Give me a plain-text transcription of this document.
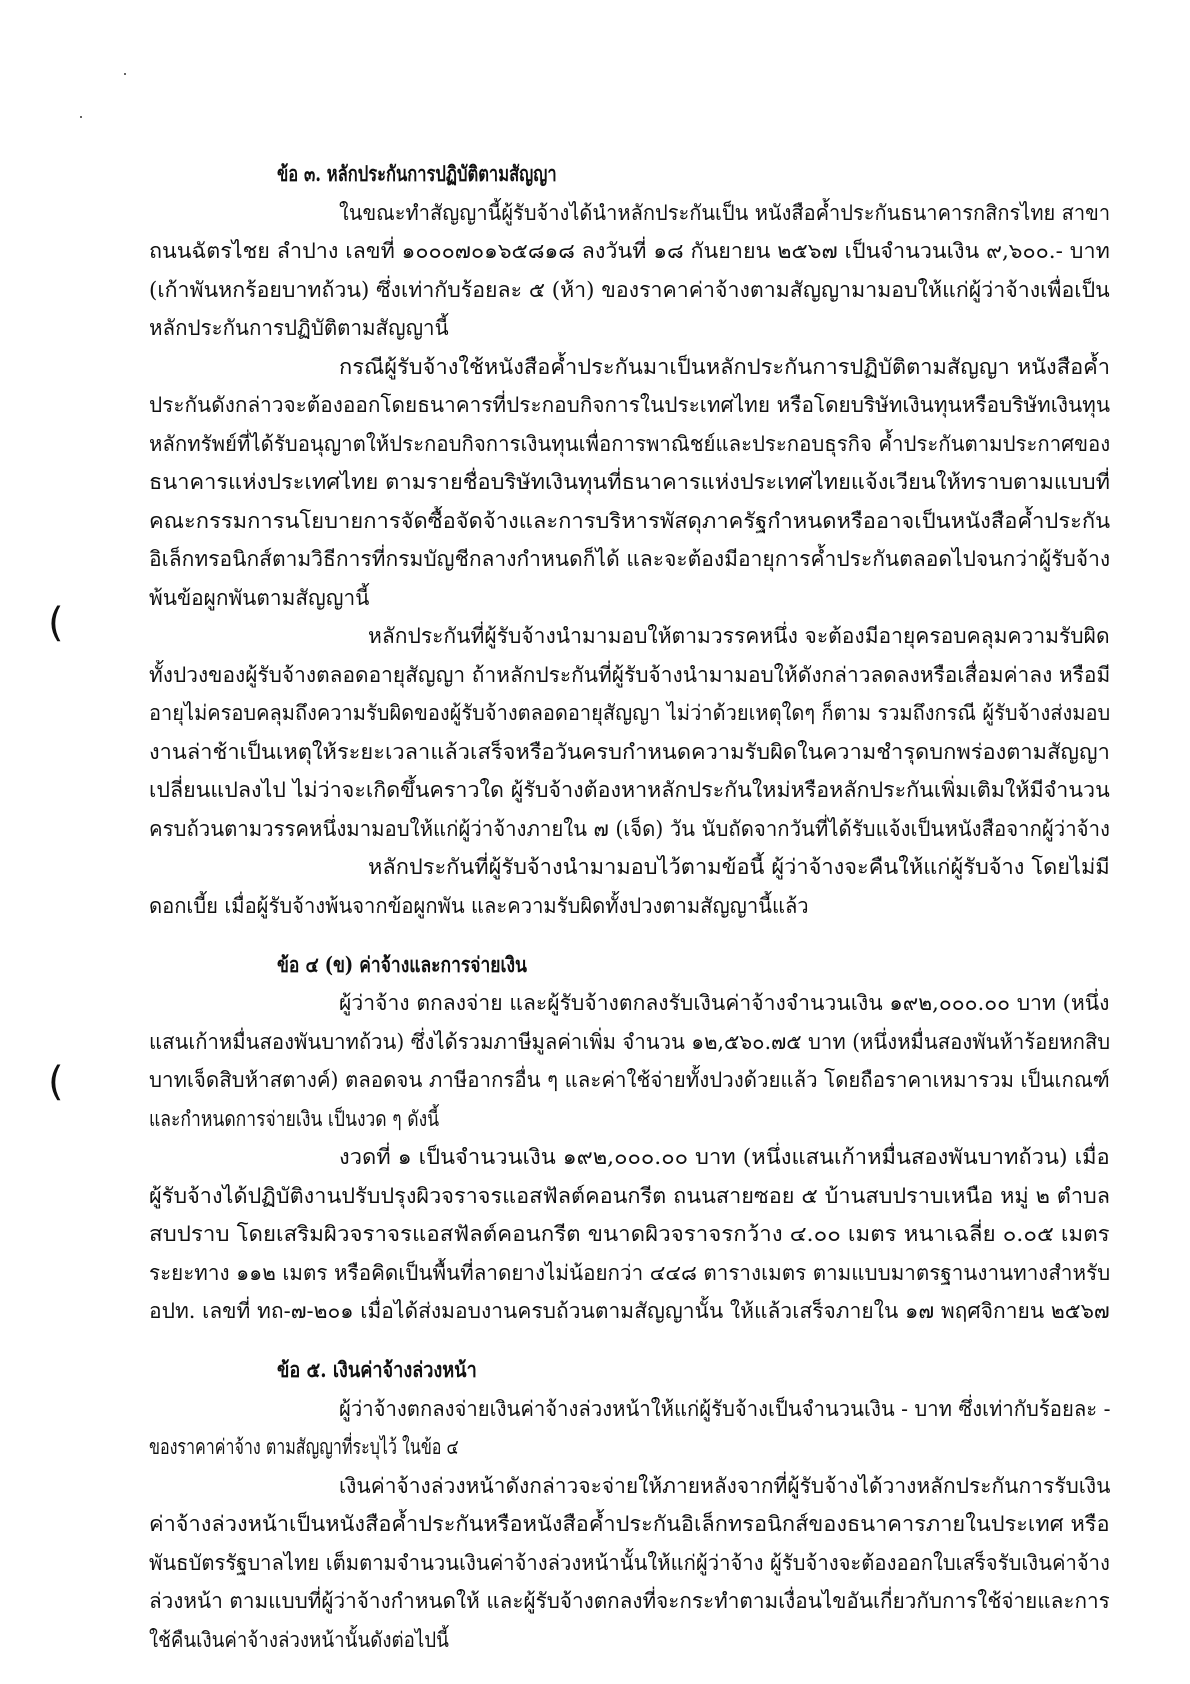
(
(

ข้อ ๓. หลักประกันการปฏิบัติตามสัญญา

ในขณะทำสัญญานี้ผู้รับจ้างได้นำหลักประกันเป็น หนังสือค้ำประกันธนาคารกสิกรไทย สาขา

ถนนฉัตรไชย ลำปาง เลขที่ ๑๐๐๐๗๐๑๖๕๘๑๘ ลงวันที่ ๑๘ กันยายน ๒๕๖๗ เป็นจำนวนเงิน ๙,๖๐๐.- บาท

(เก้าพันหกร้อยบาทถ้วน) ซึ่งเท่ากับร้อยละ ๕ (ห้า) ของราคาค่าจ้างตามสัญญามามอบให้แก่ผู้ว่าจ้างเพื่อเป็น

หลักประกันการปฏิบัติตามสัญญานี้

กรณีผู้รับจ้างใช้หนังสือค้ำประกันมาเป็นหลักประกันการปฏิบัติตามสัญญา หนังสือค้ำ

ประกันดังกล่าวจะต้องออกโดยธนาคารที่ประกอบกิจการในประเทศไทย หรือโดยบริษัทเงินทุนหรือบริษัทเงินทุน

หลักทรัพย์ที่ได้รับอนุญาตให้ประกอบกิจการเงินทุนเพื่อการพาณิชย์และประกอบธุรกิจ ค้ำประกันตามประกาศของ

ธนาคารแห่งประเทศไทย ตามรายชื่อบริษัทเงินทุนที่ธนาคารแห่งประเทศไทยแจ้งเวียนให้ทราบตามแบบที่

คณะกรรมการนโยบายการจัดซื้อจัดจ้างและการบริหารพัสดุภาครัฐกำหนดหรืออาจเป็นหนังสือค้ำประกัน

อิเล็กทรอนิกส์ตามวิธีการที่กรมบัญชีกลางกำหนดก็ได้ และจะต้องมีอายุการค้ำประกันตลอดไปจนกว่าผู้รับจ้าง

พ้นข้อผูกพันตามสัญญานี้

หลักประกันที่ผู้รับจ้างนำมามอบให้ตามวรรคหนึ่ง จะต้องมีอายุครอบคลุมความรับผิด

ทั้งปวงของผู้รับจ้างตลอดอายุสัญญา ถ้าหลักประกันที่ผู้รับจ้างนำมามอบให้ดังกล่าวลดลงหรือเสื่อมค่าลง หรือมี

อายุไม่ครอบคลุมถึงความรับผิดของผู้รับจ้างตลอดอายุสัญญา ไม่ว่าด้วยเหตุใดๆ ก็ตาม รวมถึงกรณี ผู้รับจ้างส่งมอบ

งานล่าช้าเป็นเหตุให้ระยะเวลาแล้วเสร็จหรือวันครบกำหนดความรับผิดในความชำรุดบกพร่องตามสัญญา

เปลี่ยนแปลงไป ไม่ว่าจะเกิดขึ้นคราวใด ผู้รับจ้างต้องหาหลักประกันใหม่หรือหลักประกันเพิ่มเติมให้มีจำนวน

ครบถ้วนตามวรรคหนึ่งมามอบให้แก่ผู้ว่าจ้างภายใน ๗ (เจ็ด) วัน นับถัดจากวันที่ได้รับแจ้งเป็นหนังสือจากผู้ว่าจ้าง

หลักประกันที่ผู้รับจ้างนำมามอบไว้ตามข้อนี้ ผู้ว่าจ้างจะคืนให้แก่ผู้รับจ้าง โดยไม่มี

ดอกเบี้ย เมื่อผู้รับจ้างพ้นจากข้อผูกพัน และความรับผิดทั้งปวงตามสัญญานี้แล้ว

ข้อ ๔ (ข) ค่าจ้างและการจ่ายเงิน

ผู้ว่าจ้าง ตกลงจ่าย และผู้รับจ้างตกลงรับเงินค่าจ้างจำนวนเงิน ๑๙๒,๐๐๐.๐๐ บาท (หนึ่ง

แสนเก้าหมื่นสองพันบาทถ้วน) ซึ่งได้รวมภาษีมูลค่าเพิ่ม จำนวน ๑๒,๕๖๐.๗๕ บาท (หนึ่งหมื่นสองพันห้าร้อยหกสิบ

บาทเจ็ดสิบห้าสตางค์) ตลอดจน ภาษีอากรอื่น ๆ และค่าใช้จ่ายทั้งปวงด้วยแล้ว โดยถือราคาเหมารวม เป็นเกณฑ์

และกำหนดการจ่ายเงิน เป็นงวด ๆ ดังนี้

งวดที่ ๑ เป็นจำนวนเงิน ๑๙๒,๐๐๐.๐๐ บาท (หนึ่งแสนเก้าหมื่นสองพันบาทถ้วน) เมื่อ

ผู้รับจ้างได้ปฏิบัติงานปรับปรุงผิวจราจรแอสฟัลต์คอนกรีต ถนนสายซอย ๕ บ้านสบปราบเหนือ หมู่ ๒ ตำบล

สบปราบ โดยเสริมผิวจราจรแอสฟัลต์คอนกรีต ขนาดผิวจราจรกว้าง ๔.๐๐ เมตร หนาเฉลี่ย ๐.๐๕ เมตร

ระยะทาง ๑๑๒ เมตร หรือคิดเป็นพื้นที่ลาดยางไม่น้อยกว่า ๔๔๘ ตารางเมตร ตามแบบมาตรฐานงานทางสำหรับ

อปท. เลขที่ ทถ-๗-๒๐๑ เมื่อได้ส่งมอบงานครบถ้วนตามสัญญานั้น ให้แล้วเสร็จภายใน ๑๗ พฤศจิกายน ๒๕๖๗

ข้อ ๕. เงินค่าจ้างล่วงหน้า

ผู้ว่าจ้างตกลงจ่ายเงินค่าจ้างล่วงหน้าให้แก่ผู้รับจ้างเป็นจำนวนเงิน - บาท ซึ่งเท่ากับร้อยละ -

ของราคาค่าจ้าง ตามสัญญาที่ระบุไว้ ในข้อ ๔

เงินค่าจ้างล่วงหน้าดังกล่าวจะจ่ายให้ภายหลังจากที่ผู้รับจ้างได้วางหลักประกันการรับเงิน

ค่าจ้างล่วงหน้าเป็นหนังสือค้ำประกันหรือหนังสือค้ำประกันอิเล็กทรอนิกส์ของธนาคารภายในประเทศ หรือ

พันธบัตรรัฐบาลไทย เต็มตามจำนวนเงินค่าจ้างล่วงหน้านั้นให้แก่ผู้ว่าจ้าง ผู้รับจ้างจะต้องออกใบเสร็จรับเงินค่าจ้าง

ล่วงหน้า ตามแบบที่ผู้ว่าจ้างกำหนดให้ และผู้รับจ้างตกลงที่จะกระทำตามเงื่อนไขอันเกี่ยวกับการใช้จ่ายและการ

ใช้คืนเงินค่าจ้างล่วงหน้านั้นดังต่อไปนี้
